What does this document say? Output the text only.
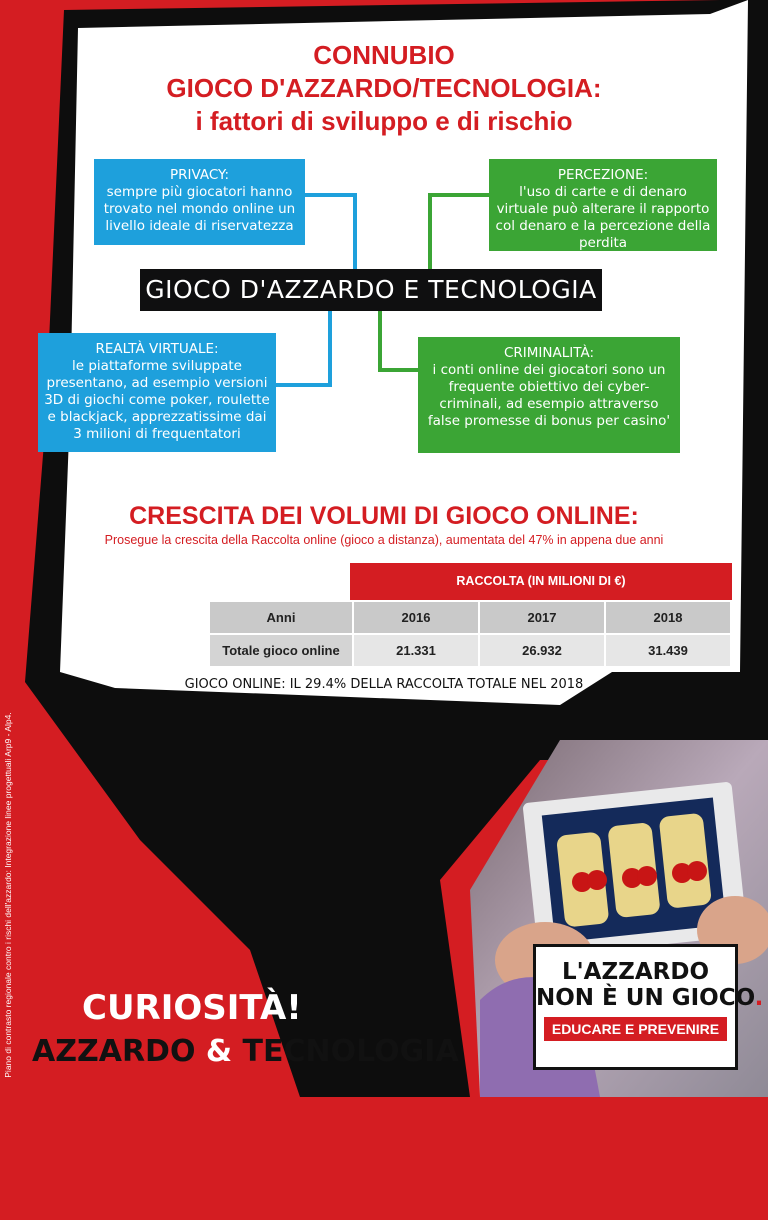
CONNUBIO
GIOCO D'AZZARDO/TECNOLOGIA:
i fattori di sviluppo e di rischio
PRIVACY:
sempre più giocatori hanno trovato nel mondo online un livello ideale di riservatezza
PERCEZIONE:
l'uso di carte e di denaro virtuale può alterare il rapporto col denaro e la percezione della perdita
GIOCO D'AZZARDO E TECNOLOGIA
REALTÀ VIRTUALE:
le piattaforme sviluppate presentano, ad esempio versioni 3D di giochi come poker, roulette e blackjack, apprezzatissime dai 3 milioni di frequentatori
CRIMINALITÀ:
i conti online dei giocatori sono un frequente obiettivo dei cyber-criminali, ad esempio attraverso false promesse di bonus per casino'
CRESCITA DEI VOLUMI DI GIOCO ONLINE:
Prosegue la crescita della Raccolta online (gioco a distanza), aumentata del 47% in appena due anni
RACCOLTA (IN MILIONI DI €)
Anni	2016	2017	2018
Totale gioco online	21.331	26.932	31.439
GIOCO ONLINE: IL 29.4% DELLA RACCOLTA TOTALE NEL 2018
Piano di contrasto regionale contro i rischi dell'azzardo: Integrazione linee progettuali Arp9 - Alp4. CURIOSITÀ!
AZZARDO & TECNOLOGIA
L'AZZARDO
NON È UN GIOCO.
EDUCARE E PREVENIRE
